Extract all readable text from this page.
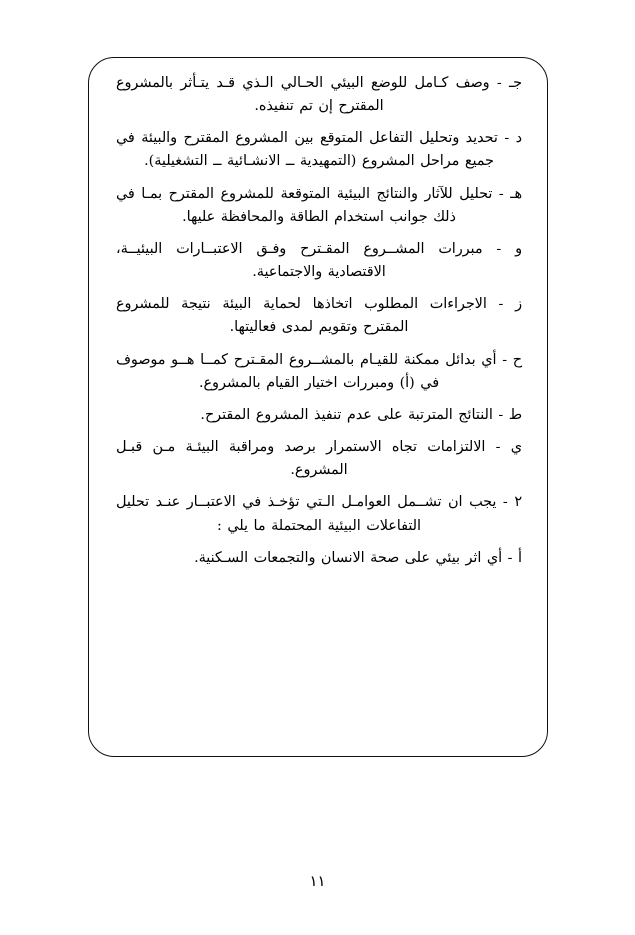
جـ - وصف كـامل للوضع البيئي الحـالي الـذي قـد يتـأثر بالمشروع المقترح إن تم تنفيذه.

د - تحديد وتحليل التفاعل المتوقع بين المشروع المقترح والبيئة في جميع مراحل المشروع (التمهيدية ــ الانشـائية ــ التشغيلية).

هـ - تحليل للآثار والنتائج البيئية المتوقعة للمشروع المقترح بمـا في ذلك جوانب استخدام الطاقة والمحافظة عليها.

و - مبررات المشــروع المقـترح وفـق الاعتبــارات البيئيــة، الاقتصادية والاجتماعية.

ز - الاجراءات المطلوب اتخاذها لحماية البيئة نتيجة للمشروع المقترح وتقويم لمدى فعاليتها.

ح - أي بدائل ممكنة للقيـام بالمشــروع المقـترح كمــا هــو موصوف في (أ) ومبررات اختيار القيام بالمشروع.

ط - النتائج المترتبة على عدم تنفيذ المشروع المقترح.

ي - الالتزامات تجاه الاستمرار برصد ومراقبة البيئـة مـن قبـل المشروع.

٢ - يجب ان تشــمل العوامـل الـتي تؤخـذ في الاعتبــار عنـد تحليل التفاعلات البيئية المحتملة ما يلي :

أ - أي اثر بيئي على صحة الانسان والتجمعات السـكنية.

١١
